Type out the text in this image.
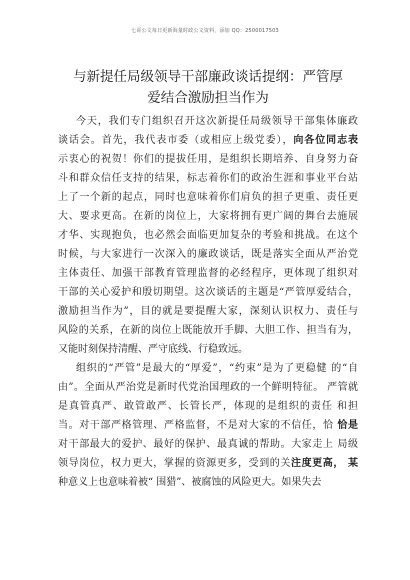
七哥公文每日更新海量时政公文资料，添加 QQ：2500017503
与新提任局级领导干部廉政谈话提纲：严管厚
爱结合激励担当作为
今天，我们专门组织召开这次新提任局级领导干部集体廉政
谈话会。首先，我代表市委（或相应上级党委），向各位同志表
示衷心的祝贺！你们的提拔任用，是组织长期培养、自身努力奋
斗和群众信任支持的结果，标志着你们的政治生涯和事业平台站
上了一个新的起点，同时也意味着你们肩负的担子更重、责任更
大、要求更高。在新的岗位上，大家将拥有更广阔的舞台去施展
才华、实现抱负，也必然会面临更加复杂的考验和挑战。在这个
时候，与大家进行一次深入的廉政谈话，既是落实全面从严治党
主体责任、加强干部教育管理监督的必经程序，更体现了组织对
干部的关心爱护和殷切期望。这次谈话的主题是“严管厚爱结合，
激励担当作为”，目的就是要提醒大家，深刻认识权力、责任与
风险的关系，在新的岗位上既能放开手脚、大胆工作、担当有为，
又能时刻保持清醒、严守底线、行稳致远。
组织的“严管”是最大的“厚爱”，“约束”是为了更稳健 的“自
由”。全面从严治党是新时代党治国理政的一个鲜明特征。 严管就
是真管真严、敢管敢严、长管长严，体现的是组织的责任 和担
当。对干部严格管理、严格监督，不是对大家的不信任，恰 恰是
对干部最大的爱护、最好的保护、最真诚的帮助。大家走上 局级
领导岗位，权力更大，掌握的资源更多，受到的关注度更高， 某
种意义上也意味着被“ 围猎”、被腐蚀的风险更大。如果失去
